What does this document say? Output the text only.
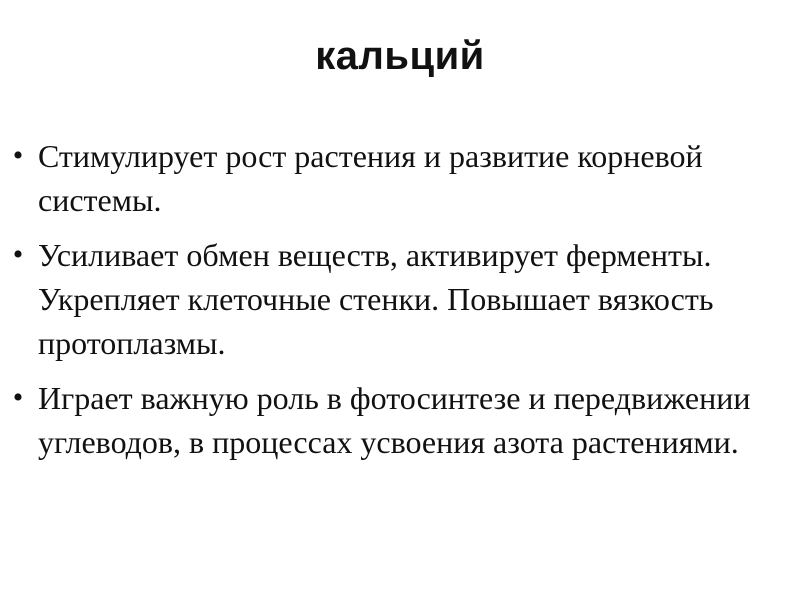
кальций
• Стимулирует рост растения и развитие корневой системы.
• Усиливает обмен веществ, активирует ферменты. Укрепляет клеточные стенки. Повышает вязкость протоплазмы.
• Играет важную роль в фотосинтезе и передвижении углеводов, в процессах усвоения азота растениями.
